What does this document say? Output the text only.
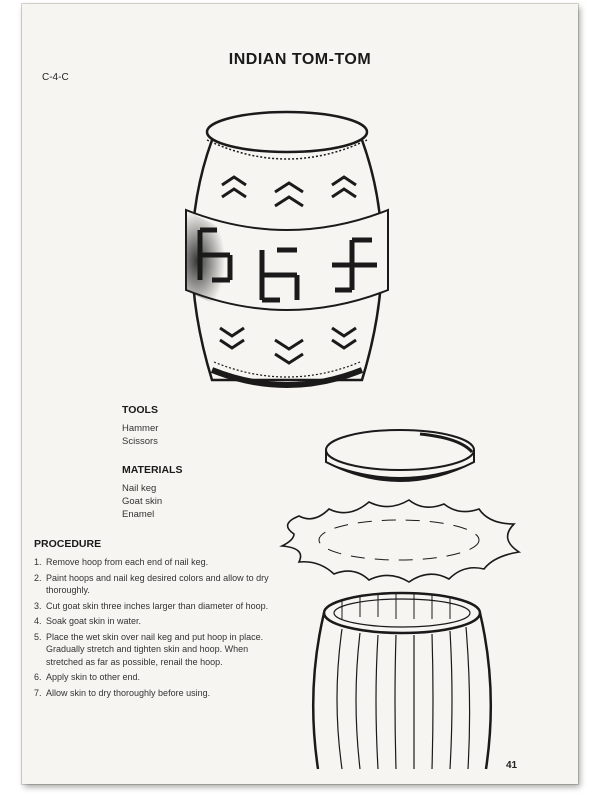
INDIAN TOM-TOM
C-4-C
TOOLS
Hammer
Scissors
MATERIALS
Nail keg
Goat skin
Enamel
PROCEDURE
1. Remove hoop from each end of nail keg.
2. Paint hoops and nail keg desired colors and allow to dry thoroughly.
3. Cut goat skin three inches larger than diameter of hoop.
4. Soak goat skin in water.
5. Place the wet skin over nail keg and put hoop in place. Gradually stretch and tighten skin and hoop. When stretched as far as possible, renail the hoop.
6. Apply skin to other end.
7. Allow skin to dry thoroughly before using.
41
